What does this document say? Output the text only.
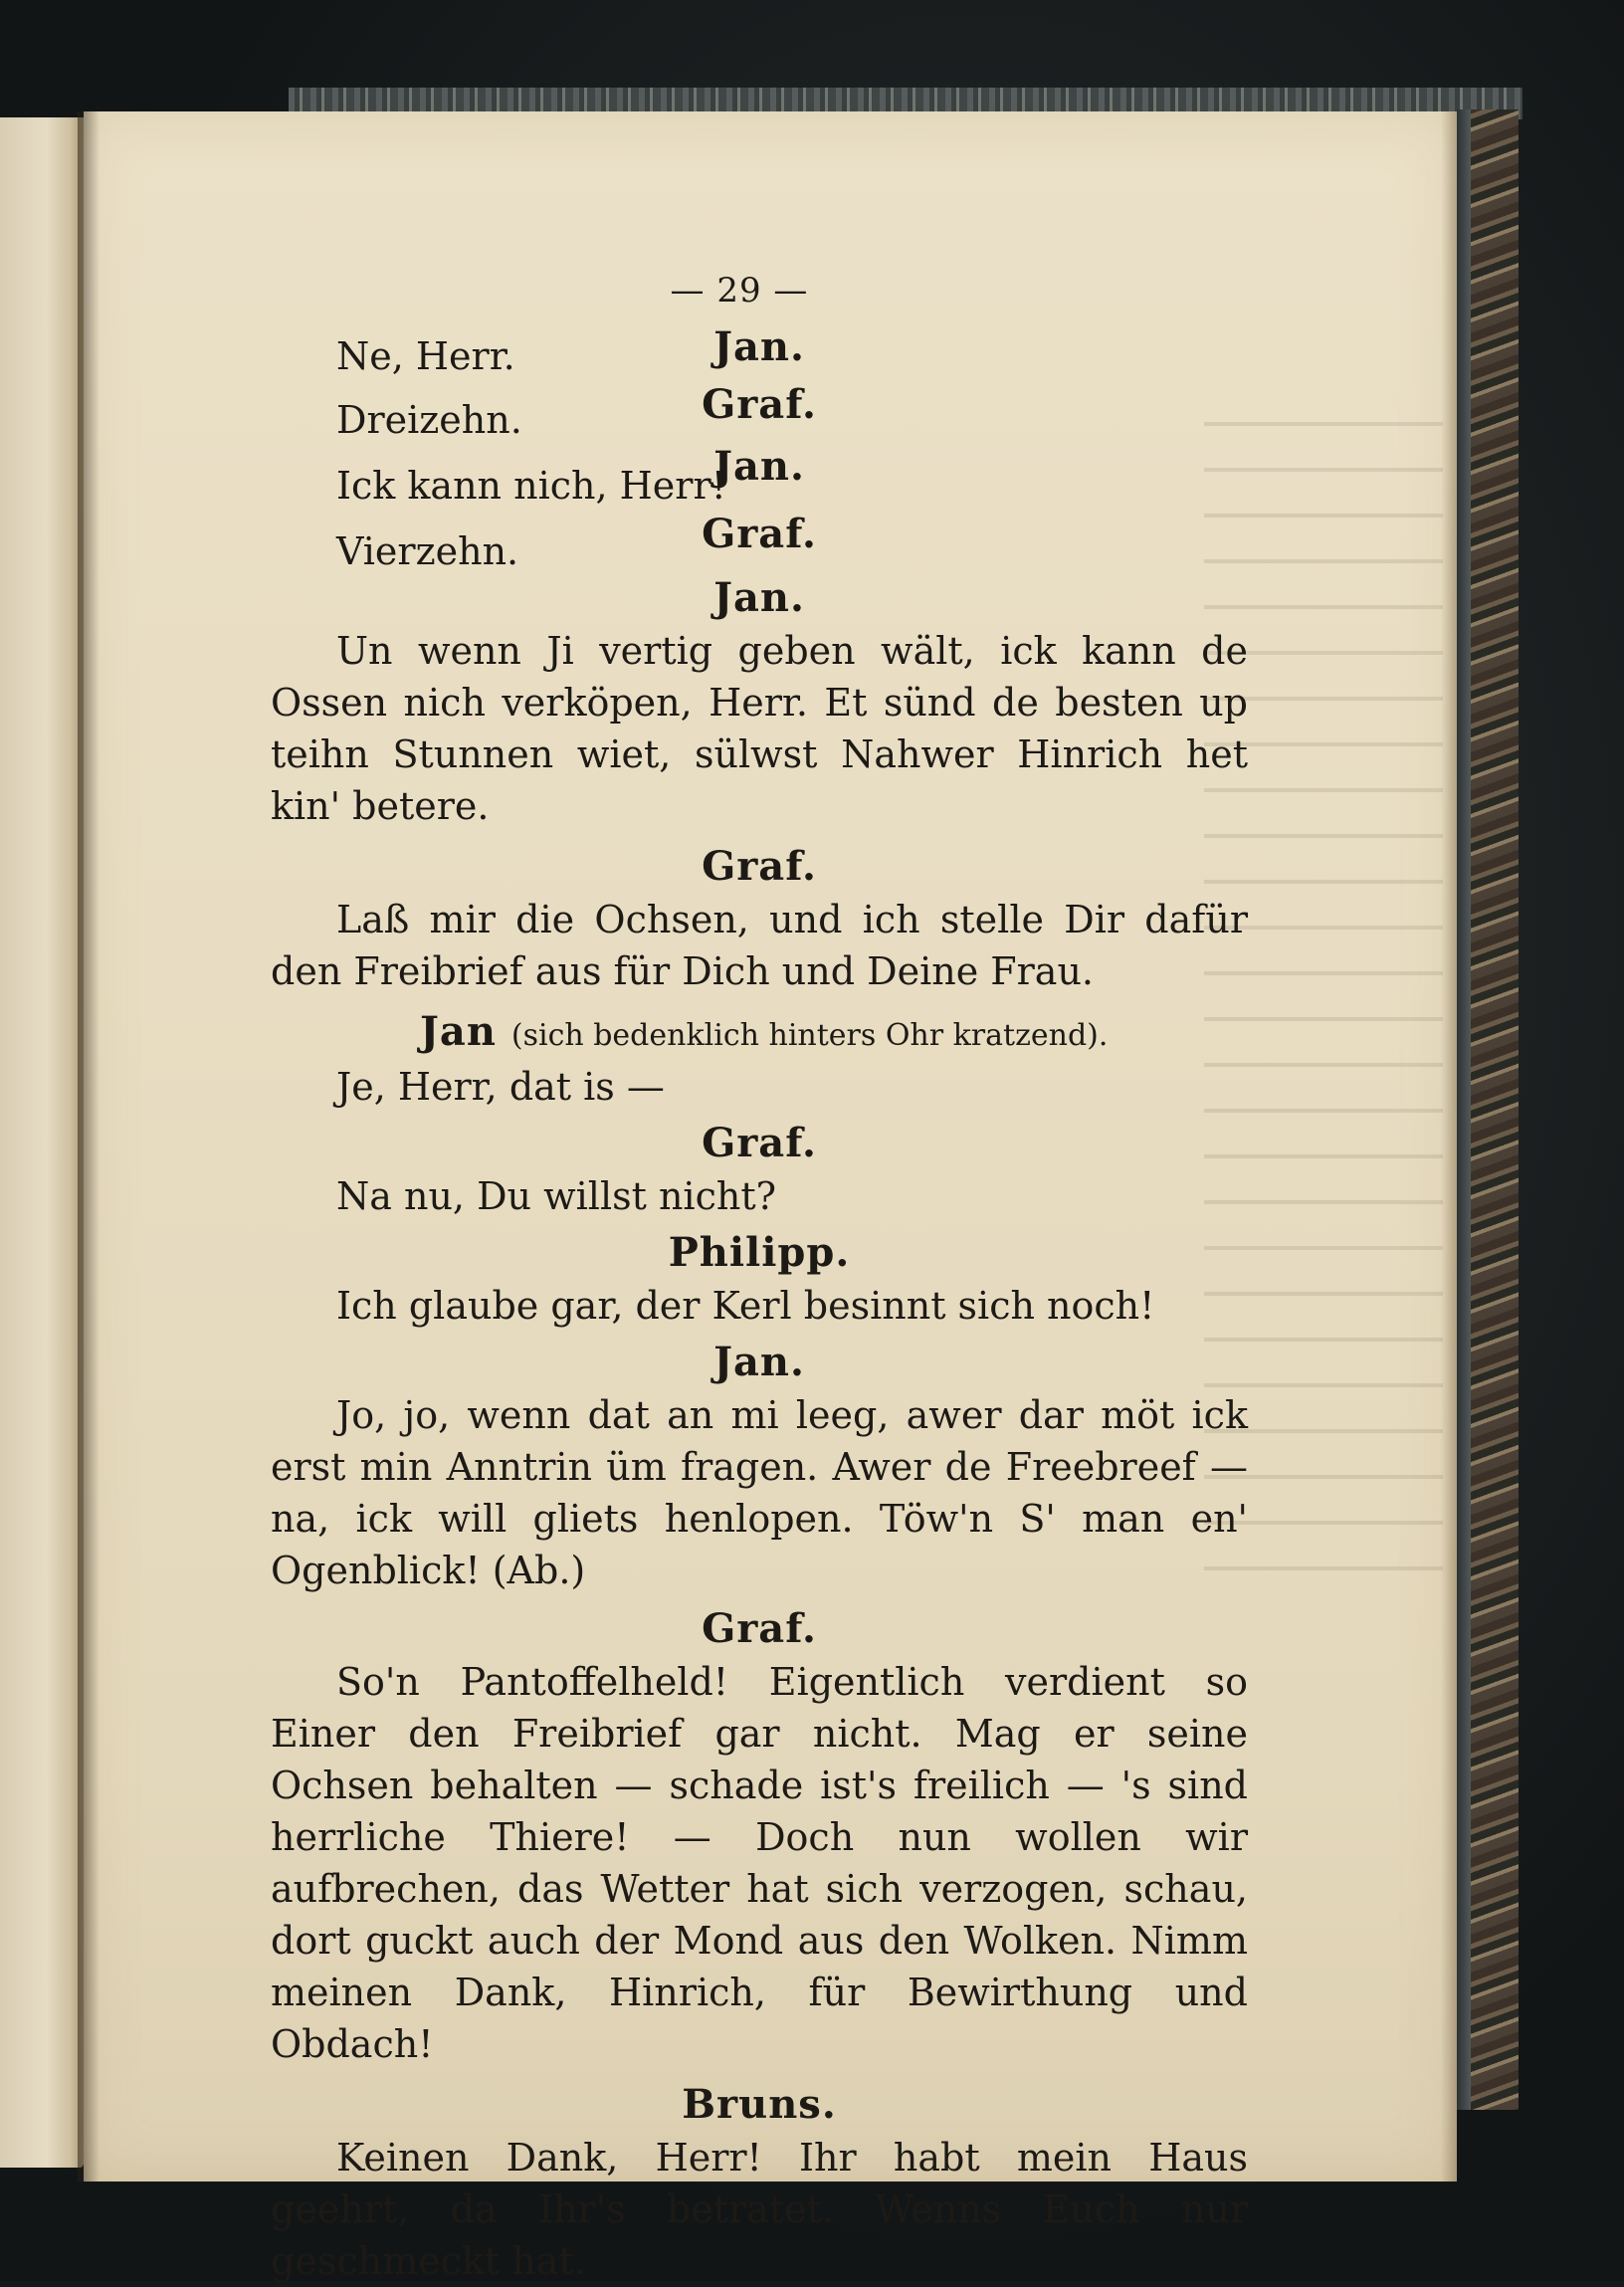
— 29 —
Jan.
Ne, Herr.
Graf.
Dreizehn.
Jan.
Ick kann nich, Herr!
Graf.
Vierzehn.
Jan.
Un wenn Ji vertig geben wält, ick kann de Ossen nich verköpen, Herr. Et sünd de besten up teihn Stunnen wiet, sülwst Nahwer Hinrich het kin' betere.
Graf.
Laß mir die Ochsen, und ich stelle Dir dafür den Freibrief aus für Dich und Deine Frau.
Jan (sich bedenklich hinters Ohr kratzend).
Je, Herr, dat is —
Graf.
Na nu, Du willst nicht?
Philipp.
Ich glaube gar, der Kerl besinnt sich noch!
Jan.
Jo, jo, wenn dat an mi leeg, awer dar möt ick erst min Anntrin üm fragen. Awer de Freebreef — na, ick will gliets henlopen. Töw'n S' man en' Ogenblick! (Ab.)
Graf.
So'n Pantoffelheld! Eigentlich verdient so Einer den Freibrief gar nicht. Mag er seine Ochsen behalten — schade ist's freilich — 's sind herrliche Thiere! — Doch nun wollen wir aufbrechen, das Wetter hat sich verzogen, schau, dort guckt auch der Mond aus den Wolken. Nimm meinen Dank, Hinrich, für Bewirthung und Obdach!
Bruns.
Keinen Dank, Herr! Ihr habt mein Haus geehrt, da Ihr's betratet. Wenns Euch nur geschmeckt hat.
